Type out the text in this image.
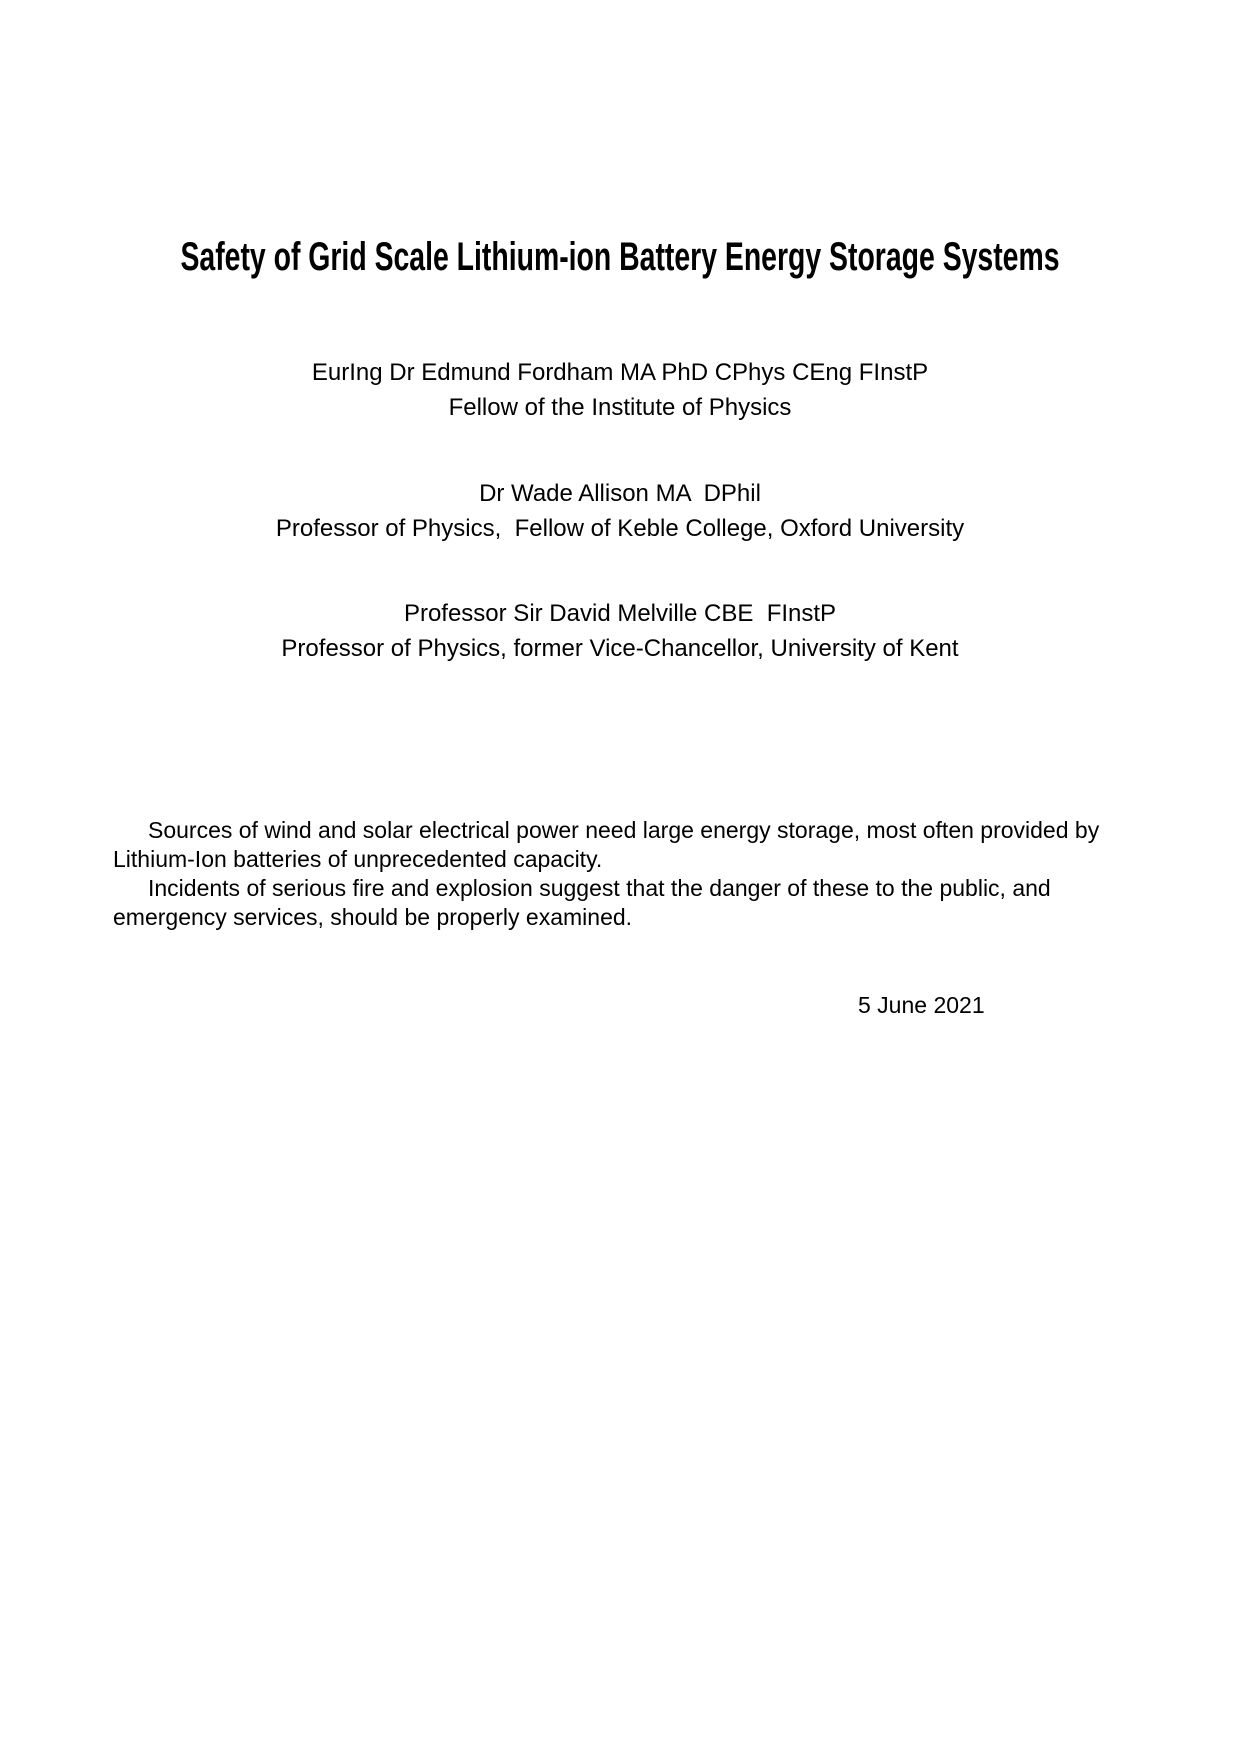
Safety of Grid Scale Lithium-ion Battery Energy Storage Systems
EurIng Dr Edmund Fordham MA PhD CPhys CEng FInstP
Fellow of the Institute of Physics
Dr Wade Allison MA  DPhil
Professor of Physics,  Fellow of Keble College, Oxford University
Professor Sir David Melville CBE  FInstP
Professor of Physics, former Vice-Chancellor, University of Kent
Sources of wind and solar electrical power need large energy storage, most often provided by
Lithium-Ion batteries of unprecedented capacity.
Incidents of serious fire and explosion suggest that the danger of these to the public, and
emergency services, should be properly examined.
5 June 2021
